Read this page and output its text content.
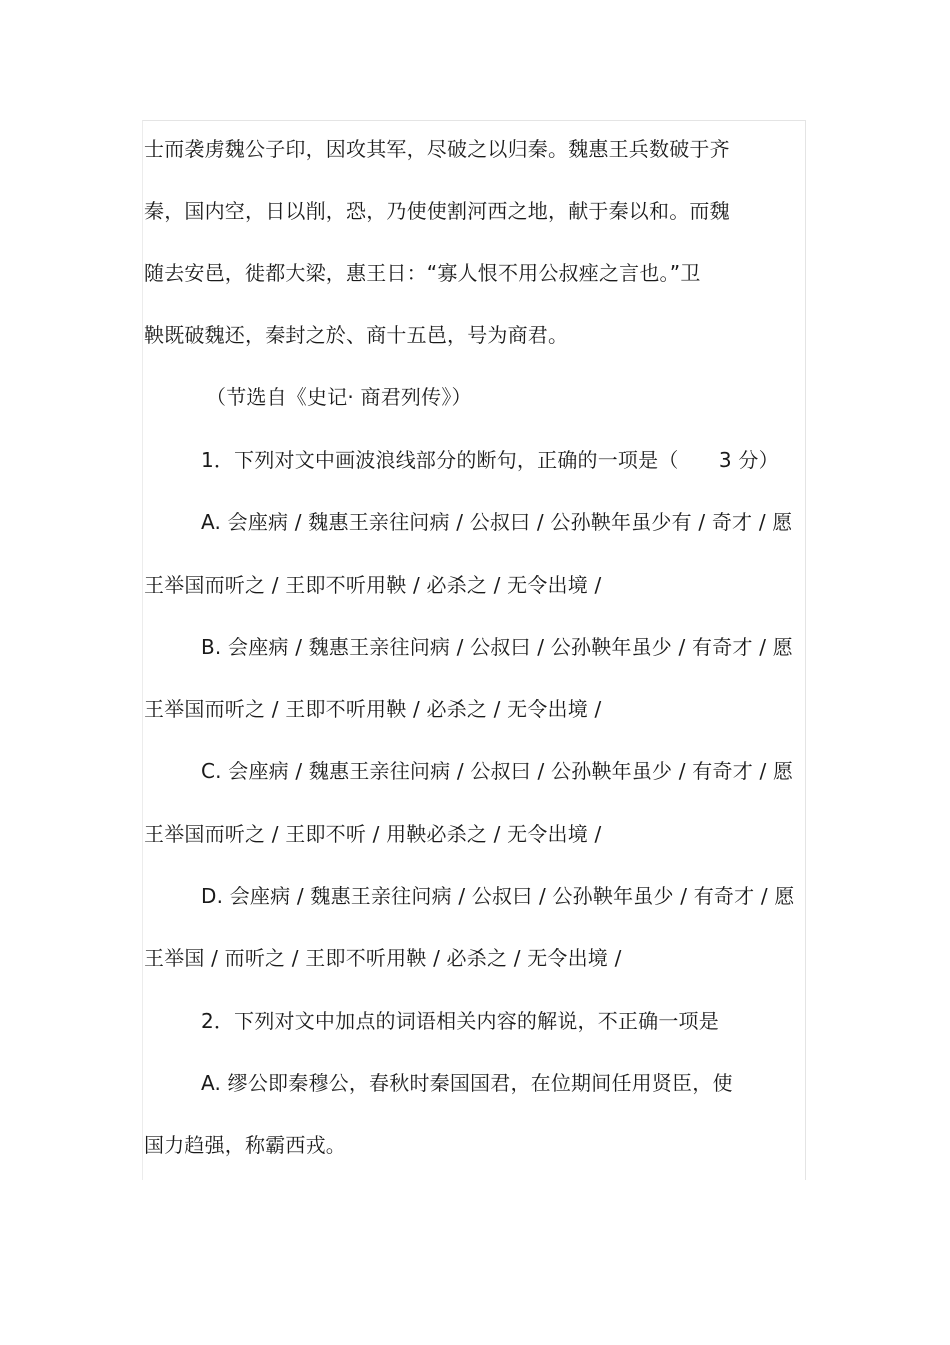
士而袭虏魏公子印，因攻其军，尽破之以归秦。魏惠王兵数破于齐
秦，国内空，日以削，恐，乃使使割河西之地，献于秦以和。而魏
随去安邑，徙都大梁，惠王日：“寡人恨不用公叔痤之言也。”卫
鞅既破魏还，秦封之於、商十五邑，号为商君。
（节选自《史记· 商君列传》）
1．下列对文中画波浪线部分的断句，正确的一项是（　　3 分）
A. 会座病 / 魏惠王亲往问病 / 公叔曰 / 公孙鞅年虽少有 / 奇才 / 愿
王举国而听之 / 王即不听用鞅 / 必杀之 / 无令出境 /
B. 会座病 / 魏惠王亲往问病 / 公叔曰 / 公孙鞅年虽少 / 有奇才 / 愿
王举国而听之 / 王即不听用鞅 / 必杀之 / 无令出境 /
C. 会座病 / 魏惠王亲往问病 / 公叔曰 / 公孙鞅年虽少 / 有奇才 / 愿
王举国而听之 / 王即不听 / 用鞅必杀之 / 无令出境 /
D. 会座病 / 魏惠王亲往问病 / 公叔曰 / 公孙鞅年虽少 / 有奇才 / 愿
王举国 / 而听之 / 王即不听用鞅 / 必杀之 / 无令出境 /
2．下列对文中加点的词语相关内容的解说，不正确一项是
A. 缪公即秦穆公，春秋时秦国国君，在位期间任用贤臣，使
国力趋强，称霸西戎。
